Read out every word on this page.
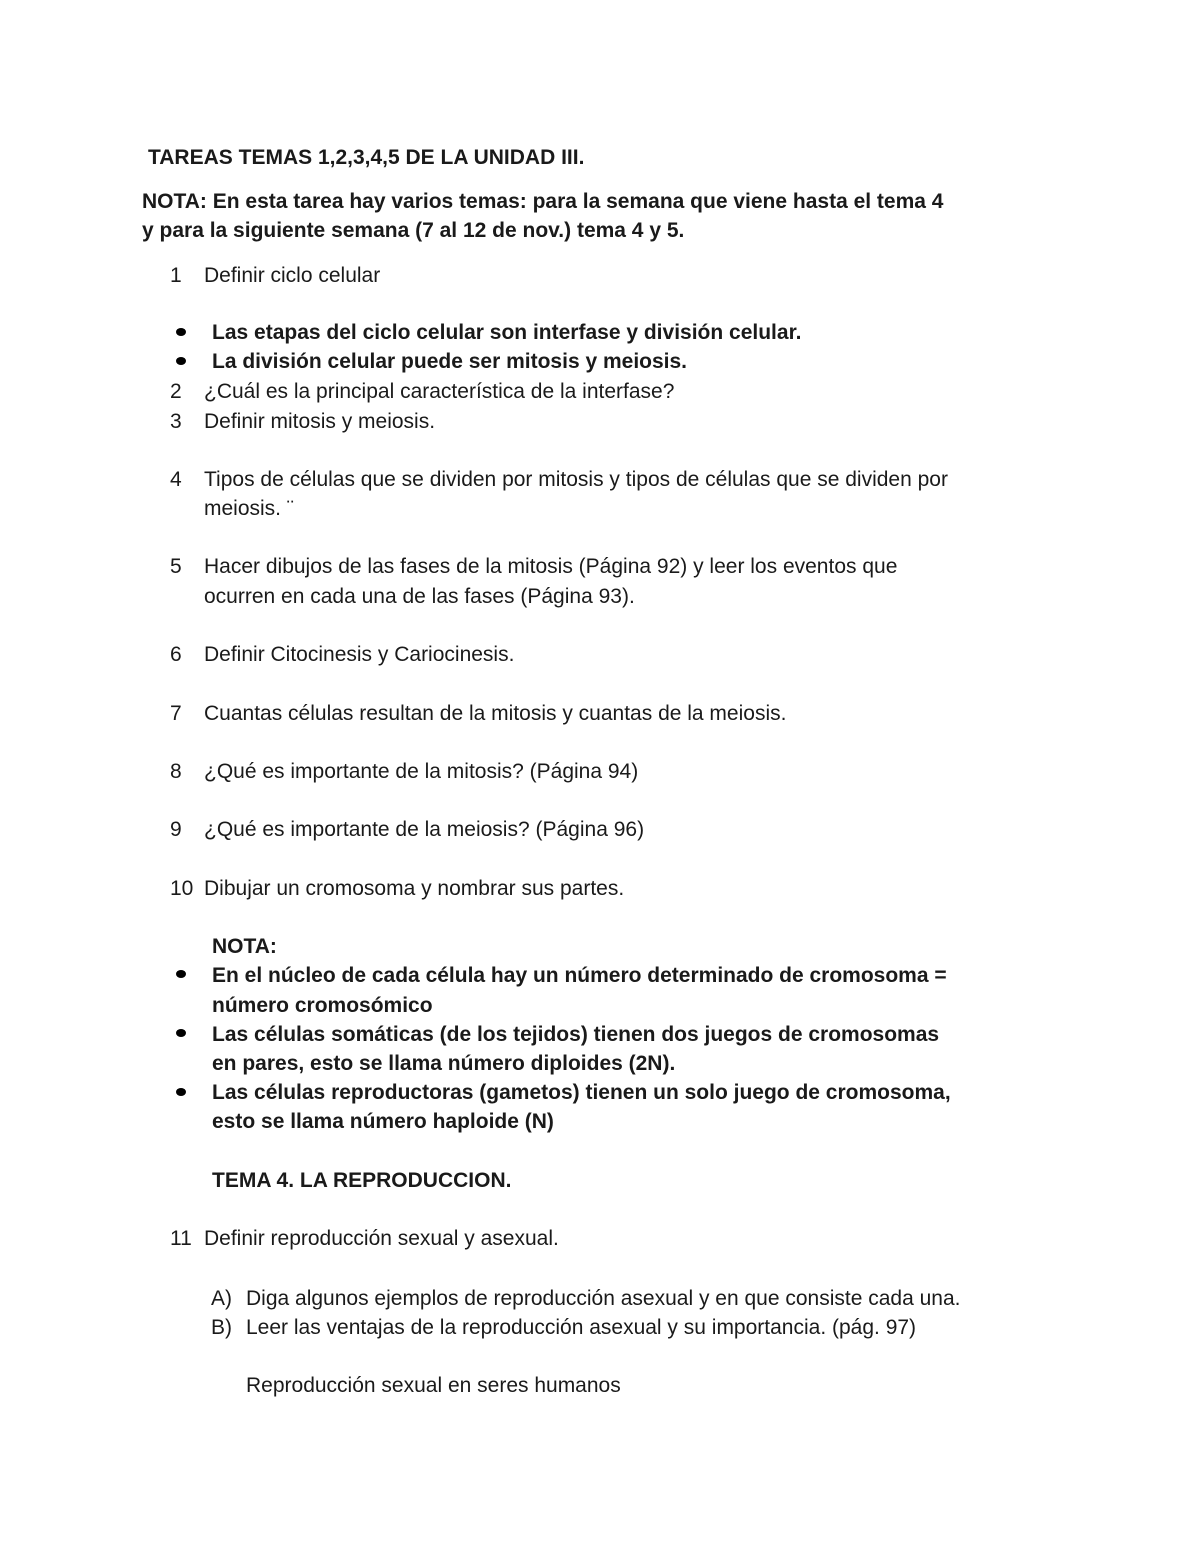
TAREAS TEMAS 1,2,3,4,5 DE LA UNIDAD III.
NOTA: En esta tarea hay varios temas: para la semana que viene hasta el tema 4
y para la siguiente semana (7 al 12 de nov.) tema 4 y 5.
1 Definir ciclo celular
Las etapas del ciclo celular son interfase y división celular.
La división celular puede ser mitosis y meiosis.
2 ¿Cuál es la principal característica de la interfase?
3 Definir mitosis y meiosis.
4 Tipos de células que se dividen por mitosis y tipos de células que se dividen por
meiosis. ¨
5 Hacer dibujos de las fases de la mitosis (Página 92) y leer los eventos que
ocurren en cada una de las fases (Página 93).
6 Definir Citocinesis y Cariocinesis.
7 Cuantas células resultan de la mitosis y cuantas de la meiosis.
8 ¿Qué es importante de la mitosis? (Página 94)
9 ¿Qué es importante de la meiosis? (Página 96)
10 Dibujar un cromosoma y nombrar sus partes.
NOTA:
En el núcleo de cada célula hay un número determinado de cromosoma =
número cromosómico
Las células somáticas (de los tejidos) tienen dos juegos de cromosomas
en pares, esto se llama número diploides (2N).
Las células reproductoras (gametos) tienen un solo juego de cromosoma,
esto se llama número haploide (N)
TEMA 4. LA REPRODUCCION.
11 Definir reproducción sexual y asexual.
A) Diga algunos ejemplos de reproducción asexual y en que consiste cada una.
B) Leer las ventajas de la reproducción asexual y su importancia. (pág. 97)
Reproducción sexual en seres humanos
